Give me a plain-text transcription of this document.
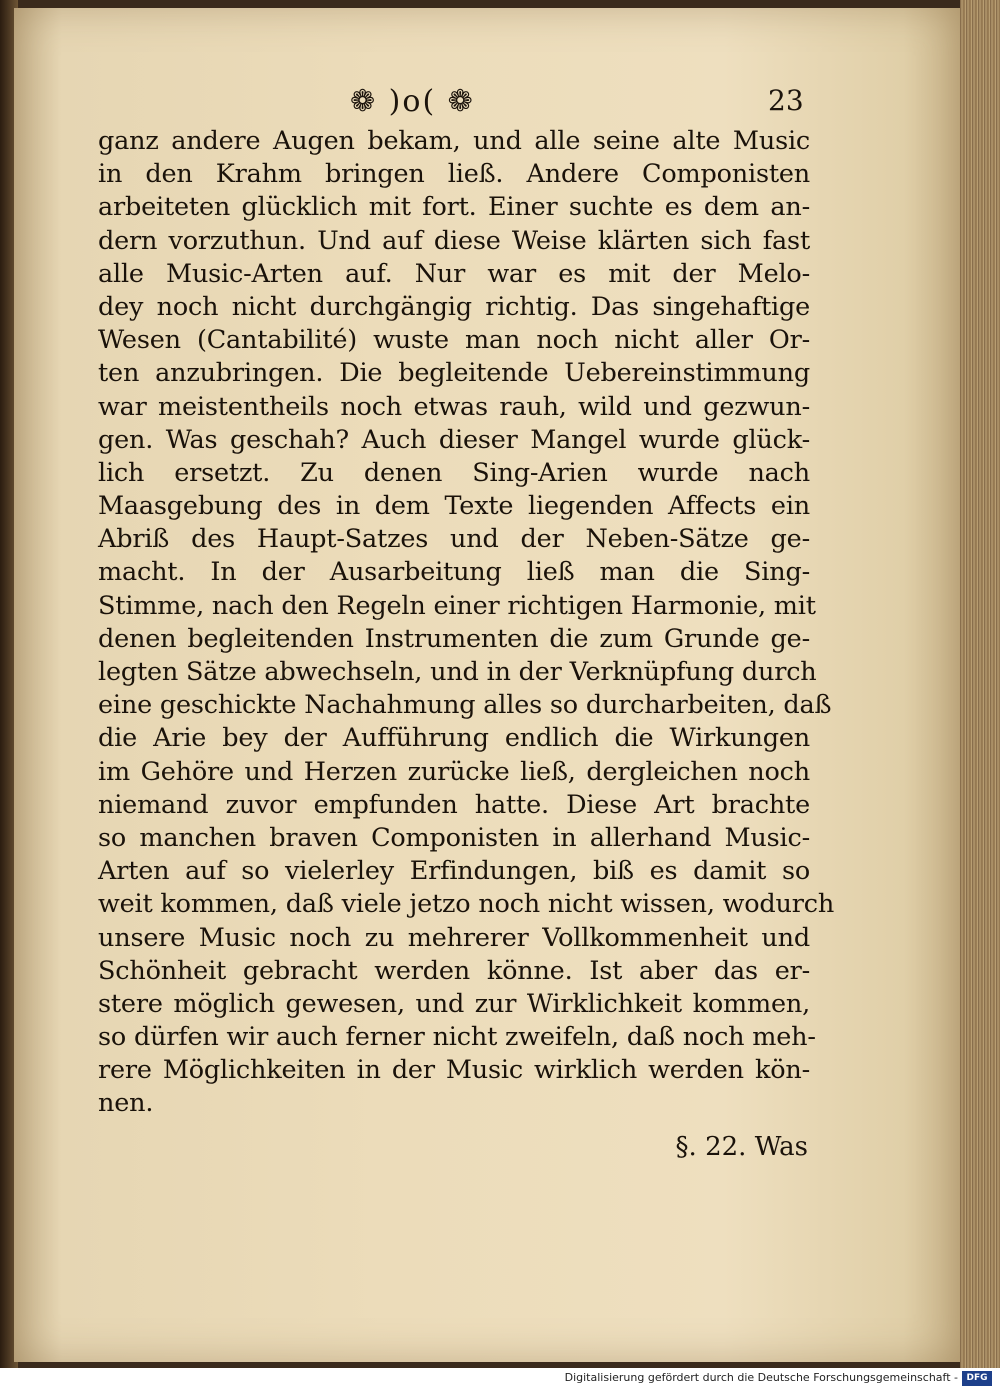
❁ )o( ❁	23
ganz andere Augen bekam, und alle seine alte Music
in den Krahm bringen ließ. Andere Componisten
arbeiteten glücklich mit fort. Einer suchte es dem an-
dern vorzuthun. Und auf diese Weise klärten sich fast
alle Music-Arten auf. Nur war es mit der Melo-
dey noch nicht durchgängig richtig. Das singehaftige
Wesen (Cantabilité) wuste man noch nicht aller Or-
ten anzubringen. Die begleitende Uebereinstimmung
war meistentheils noch etwas rauh, wild und gezwun-
gen. Was geschah? Auch dieser Mangel wurde glück-
lich ersetzt. Zu denen Sing-Arien wurde nach
Maasgebung des in dem Texte liegenden Affects ein
Abriß des Haupt-Satzes und der Neben-Sätze ge-
macht. In der Ausarbeitung ließ man die Sing-
Stimme, nach den Regeln einer richtigen Harmonie, mit
denen begleitenden Instrumenten die zum Grunde ge-
legten Sätze abwechseln, und in der Verknüpfung durch
eine geschickte Nachahmung alles so durcharbeiten, daß
die Arie bey der Aufführung endlich die Wirkungen
im Gehöre und Herzen zurücke ließ, dergleichen noch
niemand zuvor empfunden hatte. Diese Art brachte
so manchen braven Componisten in allerhand Music-
Arten auf so vielerley Erfindungen, biß es damit so
weit kommen, daß viele jetzo noch nicht wissen, wodurch
unsere Music noch zu mehrerer Vollkommenheit und
Schönheit gebracht werden könne. Ist aber das er-
stere möglich gewesen, und zur Wirklichkeit kommen,
so dürfen wir auch ferner nicht zweifeln, daß noch meh-
rere Möglichkeiten in der Music wirklich werden kön-
nen.
§. 22. Was
Digitalisierung gefördert durch die Deutsche Forschungsgemeinschaft - DFG
